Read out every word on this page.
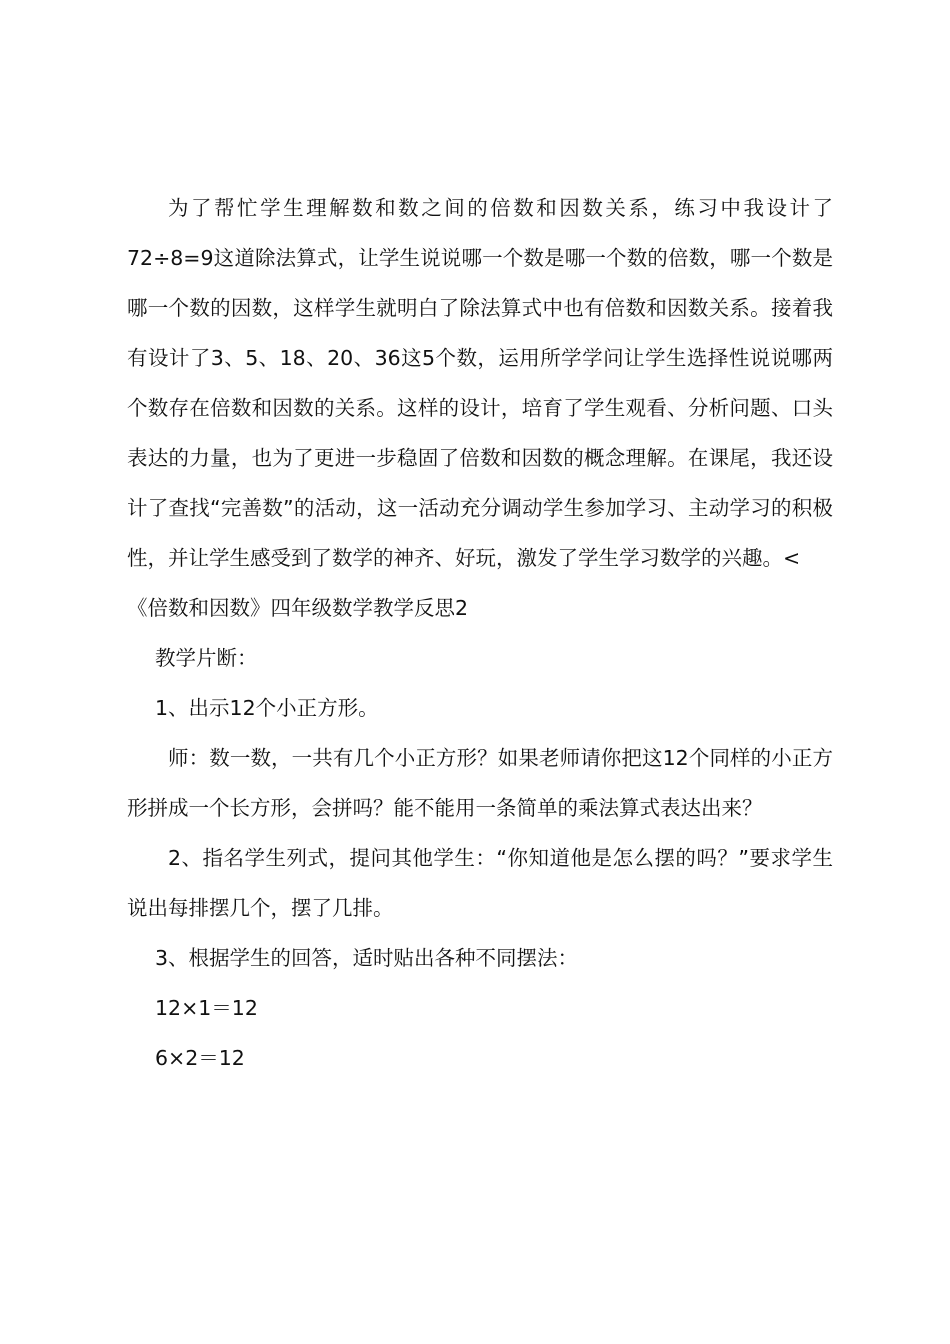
为了帮忙学生理解数和数之间的倍数和因数关系，练习中我设计了72÷8=9这道除法算式，让学生说说哪一个数是哪一个数的倍数，哪一个数是哪一个数的因数，这样学生就明白了除法算式中也有倍数和因数关系。接着我有设计了3、5、18、20、36这5个数，运用所学学问让学生选择性说说哪两个数存在倍数和因数的关系。这样的设计，培育了学生观看、分析问题、口头表达的力量，也为了更进一步稳固了倍数和因数的概念理解。在课尾，我还设计了查找“完善数”的活动，这一活动充分调动学生参加学习、主动学习的积极性，并让学生感受到了数学的神齐、好玩，激发了学生学习数学的兴趣。<

《倍数和因数》四年级数学教学反思2

教学片断：

1、出示12个小正方形。

师：数一数，一共有几个小正方形？如果老师请你把这12个同样的小正方形拼成一个长方形，会拼吗？能不能用一条简单的乘法算式表达出来？

2、指名学生列式，提问其他学生：“你知道他是怎么摆的吗？”要求学生说出每排摆几个，摆了几排。

3、根据学生的回答，适时贴出各种不同摆法：

12×1＝12

6×2＝12
